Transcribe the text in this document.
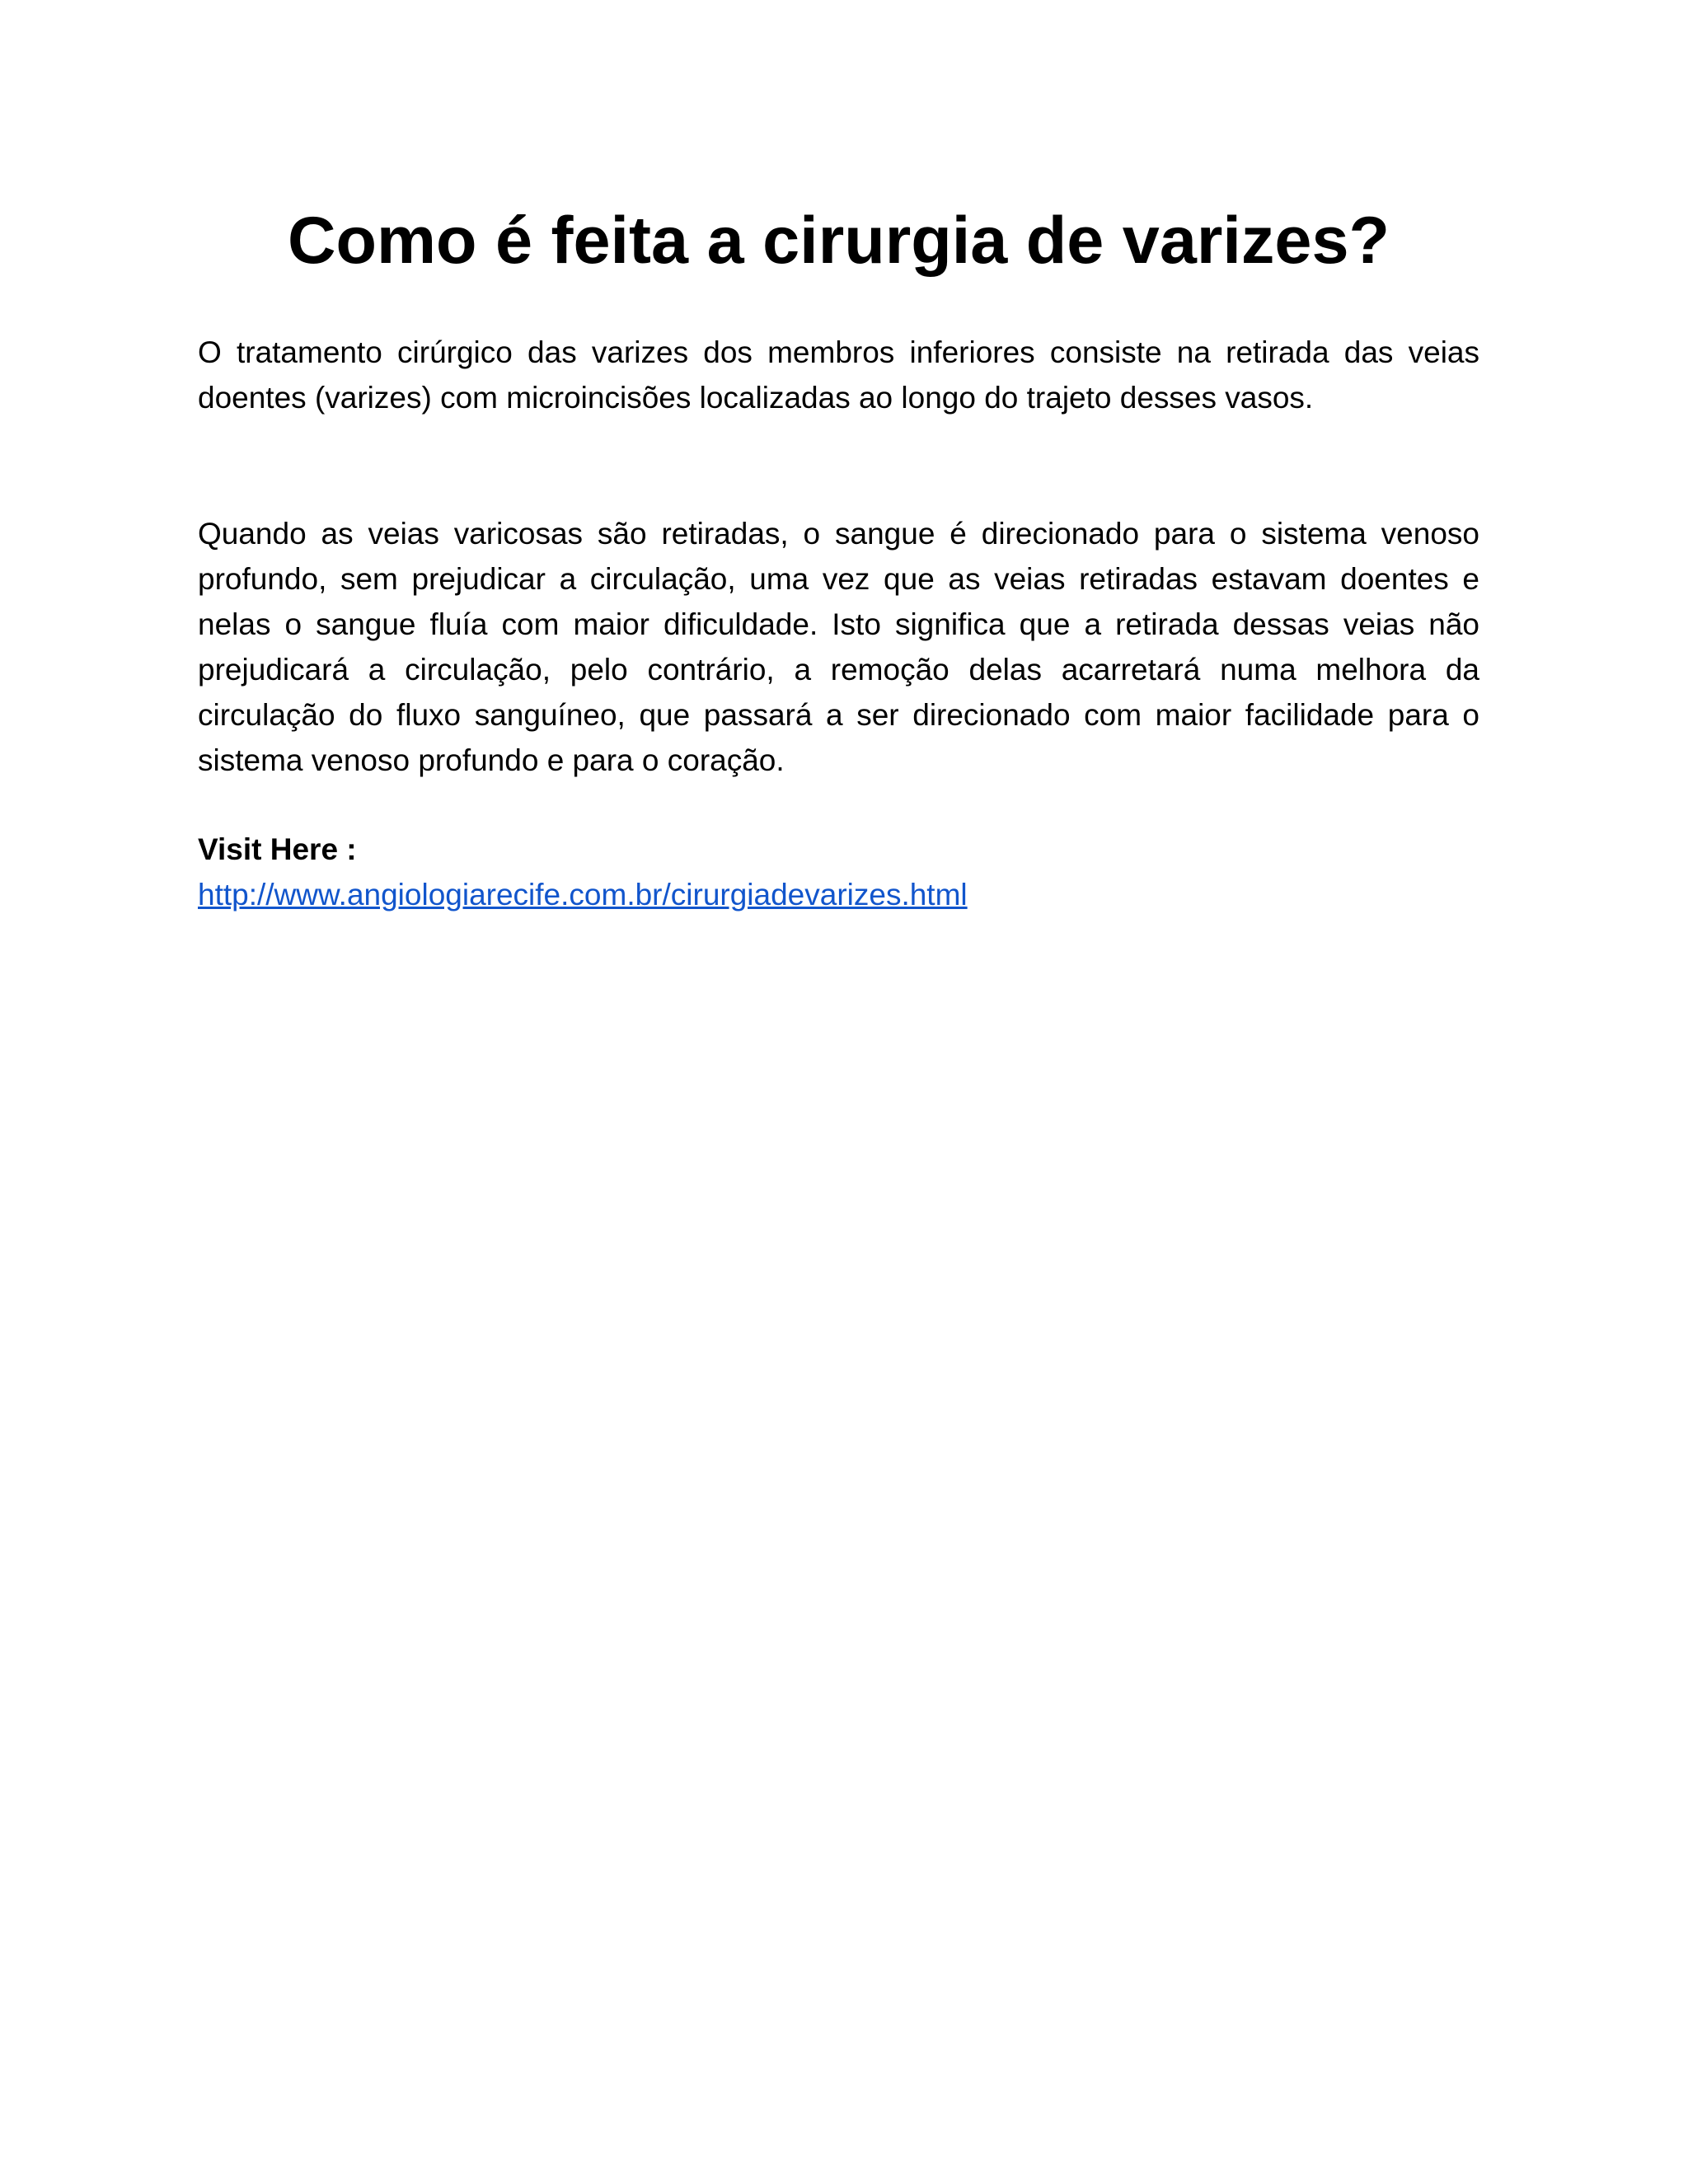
Como é feita a cirurgia de varizes?

O tratamento cirúrgico das varizes dos membros inferiores consiste na retirada das veias doentes (varizes) com microincisões localizadas ao longo do trajeto desses vasos.

Quando as veias varicosas são retiradas, o sangue é direcionado para o sistema venoso profundo, sem prejudicar a circulação, uma vez que as veias retiradas estavam doentes e nelas o sangue fluía com maior dificuldade. Isto significa que a retirada dessas veias não prejudicará a circulação, pelo contrário, a remoção delas acarretará numa melhora da circulação do fluxo sanguíneo, que passará a ser direcionado com maior facilidade para o sistema venoso profundo e para o coração.

Visit Here :

http://www.angiologiarecife.com.br/cirurgiadevarizes.html
